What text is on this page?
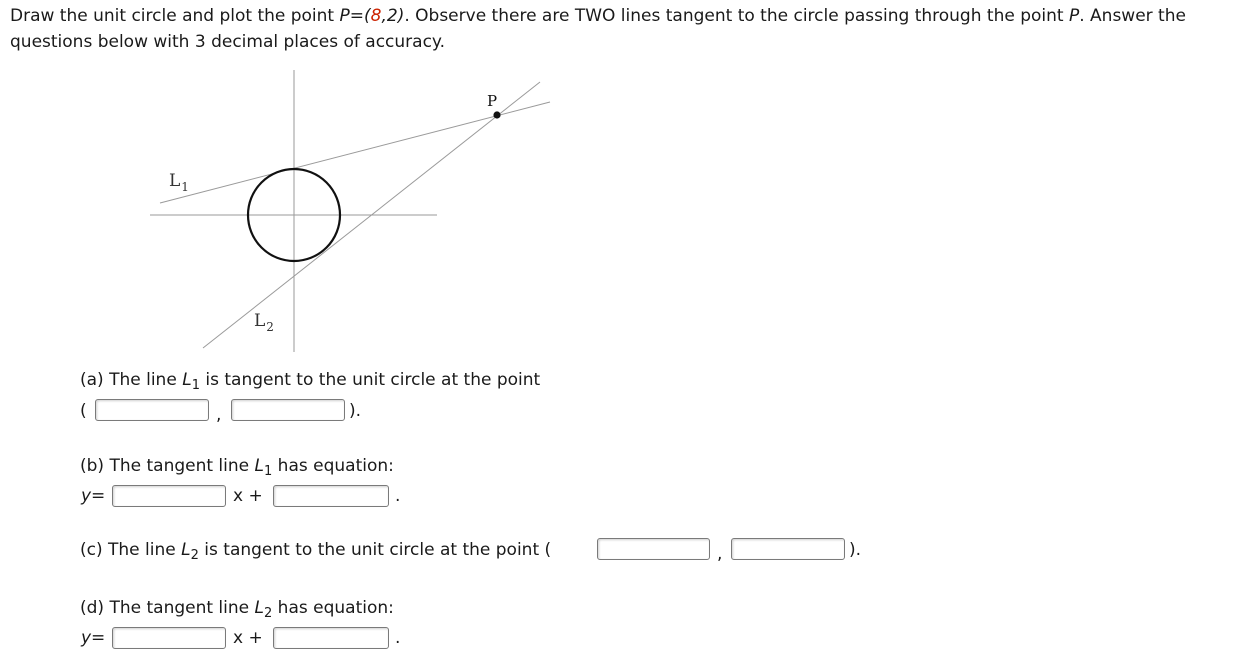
Draw the unit circle and plot the point P=(8,2). Observe there are TWO lines tangent to the circle passing through the point P. Answer the questions below with 3 decimal places of accuracy.
P
$L_1$
$L_2$
(a) The line $L_1$ is tangent to the unit circle at the point
(	,	).
(b) The tangent line $L_1$ has equation:
y=	x +	.
(c) The line $L_2$ is tangent to the unit circle at the point (	,	).
(d) The tangent line $L_2$ has equation:
y=	x +	.
